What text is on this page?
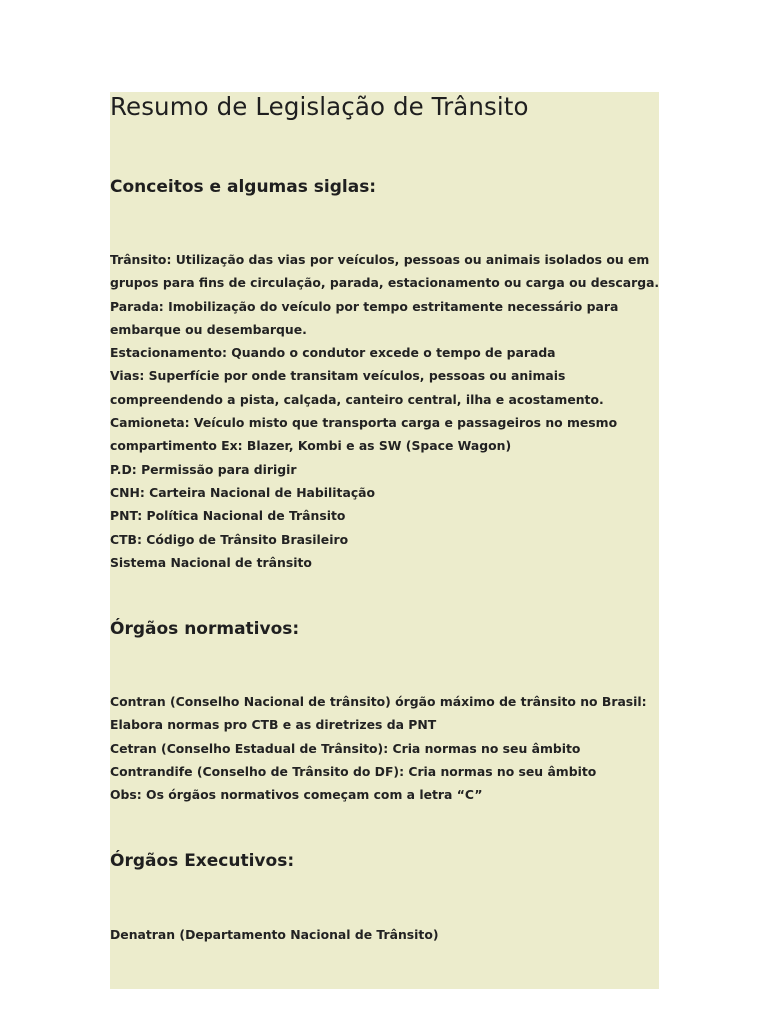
Resumo de Legislação de Trânsito
Conceitos e algumas siglas:
Trânsito: Utilização das vias por veículos, pessoas ou animais isolados ou em
grupos para fins de circulação, parada, estacionamento ou carga ou descarga.
Parada: Imobilização do veículo por tempo estritamente necessário para
embarque ou desembarque.
Estacionamento: Quando o condutor excede o tempo de parada
Vias: Superfície por onde transitam veículos, pessoas ou animais
compreendendo a pista, calçada, canteiro central, ilha e acostamento.
Camioneta: Veículo misto que transporta carga e passageiros no mesmo
compartimento Ex: Blazer, Kombi e as SW (Space Wagon)
P.D: Permissão para dirigir
CNH: Carteira Nacional de Habilitação
PNT: Política Nacional de Trânsito
CTB: Código de Trânsito Brasileiro
Sistema Nacional de trânsito
Órgãos normativos:
Contran (Conselho Nacional de trânsito) órgão máximo de trânsito no Brasil:
Elabora normas pro CTB e as diretrizes da PNT
Cetran (Conselho Estadual de Trânsito): Cria normas no seu âmbito
Contrandife (Conselho de Trânsito do DF): Cria normas no seu âmbito
Obs: Os órgãos normativos começam com a letra “C”
Órgãos Executivos:
Denatran (Departamento Nacional de Trânsito)
